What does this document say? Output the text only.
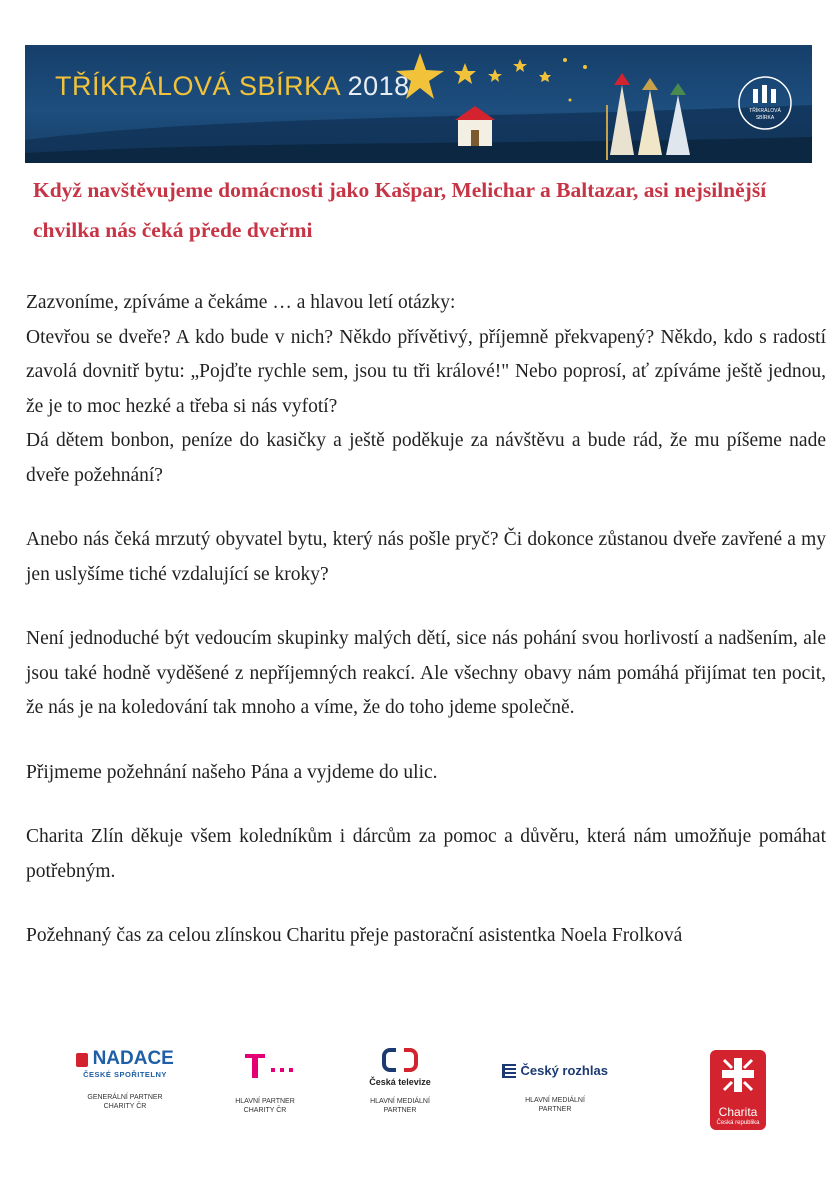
TŘÍKRÁLOVÁ
SBÍRKA
TŘÍKRÁLOVÁ SBÍRKA 2018
Když navštěvujeme domácnosti jako Kašpar, Melichar a Baltazar, asi nejsilnější chvilka nás čeká přede dveřmi

Zazvoníme, zpíváme a čekáme … a hlavou letí otázky:

Otevřou se dveře? A kdo bude v nich? Někdo přívětivý, příjemně překvapený? Někdo, kdo s radostí zavolá dovnitř bytu: „Pojďte rychle sem, jsou tu tři králové!" Nebo poprosí, ať zpíváme ještě jednou, že je to moc hezké a třeba si nás vyfotí?

Dá dětem bonbon, peníze do kasičky a ještě poděkuje za návštěvu a bude rád, že mu píšeme nade dveře požehnání?

Anebo nás čeká mrzutý obyvatel bytu, který nás pošle pryč? Či dokonce zůstanou dveře zavřené a my jen uslyšíme tiché vzdalující se kroky?

Není jednoduché být vedoucím skupinky malých dětí, sice nás pohání svou horlivostí a nadšením, ale jsou také hodně vyděšené z nepříjemných reakcí. Ale všechny obavy nám pomáhá přijímat ten pocit, že nás je na koledování tak mnoho a víme, že do toho jdeme společně.

Přijmeme požehnání našeho Pána a vyjdeme do ulic.

Charita Zlín děkuje všem koledníkům i dárcům za pomoc a důvěru, která nám umožňuje pomáhat potřebným.

Požehnaný čas za celou zlínskou Charitu přeje pastorační asistentka Noela Frolková

NADACE
ČESKÉ SPOŘITELNY
GENERÁLNÍ PARTNER
CHARITY ČR
HLAVNÍ PARTNER
CHARITY ČR
Česká televize
HLAVNÍ MEDIÁLNÍ
PARTNER
Český rozhlas
HLAVNÍ MEDIÁLNÍ
PARTNER	Charita
Česká republika
